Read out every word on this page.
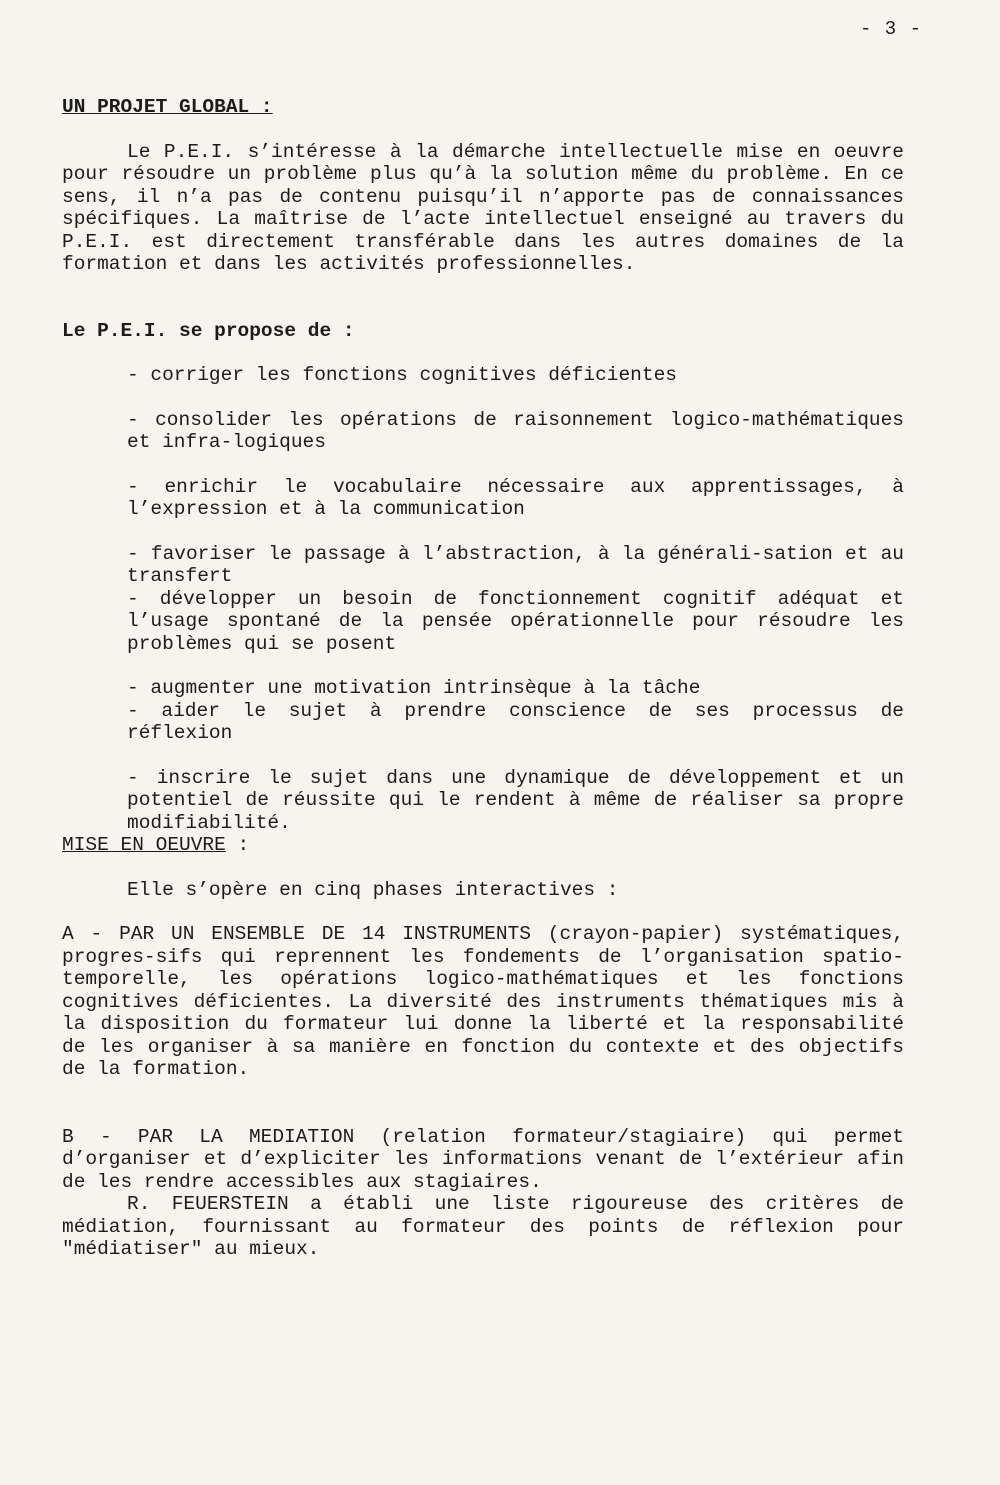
- 3 -
UN PROJET GLOBAL :

Le P.E.I. s’intéresse à la démarche intellectuelle mise en oeuvre pour résoudre un problème plus qu’à la solution même du problème. En ce sens, il n’a pas de contenu puisqu’il n’apporte pas de connaissances spécifiques. La maîtrise de l’acte intellectuel enseigné au travers du P.E.I. est directement transférable dans les autres domaines de la formation et dans les activités professionnelles.

Le P.E.I. se propose de :
- corriger les fonctions cognitives déficientes
- consolider les opérations de raisonnement logico-mathématiques et infra-logiques
- enrichir le vocabulaire nécessaire aux apprentissages, à l’expression et à la communication
- favoriser le passage à l’abstraction, à la générali-sation et au transfert
- développer un besoin de fonctionnement cognitif adéquat et l’usage spontané de la pensée opérationnelle pour résoudre les problèmes qui se posent
- augmenter une motivation intrinsèque à la tâche
- aider le sujet à prendre conscience de ses processus de réflexion
- inscrire le sujet dans une dynamique de développement et un potentiel de réussite qui le rendent à même de réaliser sa propre modifiabilité.
MISE EN OEUVRE :
Elle s’opère en cinq phases interactives :

A - PAR UN ENSEMBLE DE 14 INSTRUMENTS (crayon-papier) systématiques, progres-sifs qui reprennent les fondements de l’organisation spatio-temporelle, les opérations logico-mathématiques et les fonctions cognitives déficientes. La diversité des instruments thématiques mis à la disposition du formateur lui donne la liberté et la responsabilité de les organiser à sa manière en fonction du contexte et des objectifs de la formation.

B - PAR LA MEDIATION (relation formateur/stagiaire) qui permet d’organiser et d’expliciter les informations venant de l’extérieur afin de les rendre accessibles aux stagiaires.

R. FEUERSTEIN a établi une liste rigoureuse des critères de médiation, fournissant au formateur des points de réflexion pour "médiatiser" au mieux.
